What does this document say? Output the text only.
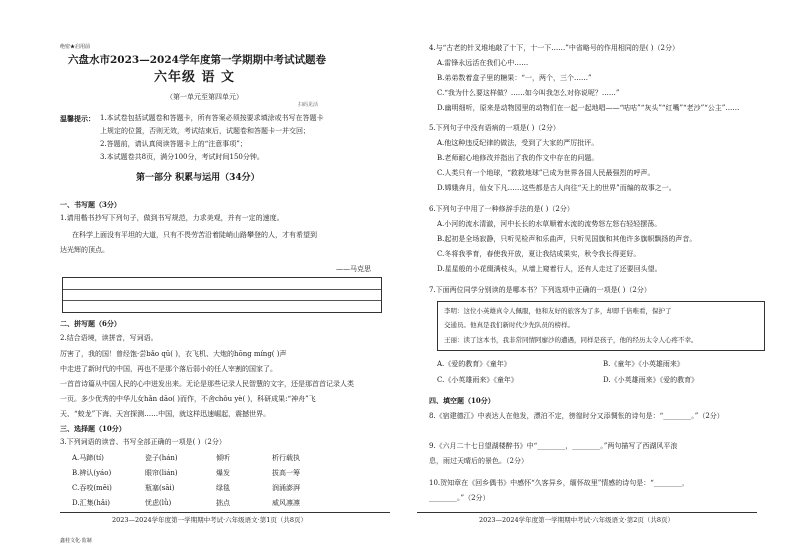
绝密★启用前
六盘水市2023—2024学年度第一学期期中考试试题卷
六年级 语 文
（第一单元至第四单元）
扫码见活
温馨提示： 1.本试卷包括试题卷和答题卡，所有答案必须按要求填涂或书写在答题卡
上规定的位置，否则无效，考试结束后，试题卷和答题卡一并交回；
2.答题前，请认真阅读答题卡上的“注意事项”；
3.本试题卷共8页，满分100分，考试时间150分钟。
第一部分 积累与运用（34分）
一、书写题（3分）
1.请用楷书抄写下列句子，做到书写规范，力求美观，并有一定的速度。
在科学上面没有平坦的大道，只有不畏劳苦沿着陡峭山路攀登的人，才有希望到
达光辉的顶点。
——马克思
二、拼写题（6分）
2.结合语境，读拼音，写词语。
厉害了，我的国！曾经饱·尝bǎo qū( )，衣飞机、大炮的hōng míng( )声
中走进了新时代的中国，再也不是那个落后弱小的任人宰割的国家了。
一首首诗篇从中国人民的心中迸发出来。无论是那些记录人民智慧的文字，还是那首首记录人类
一页。多少优秀的中华儿女hǎn dāo( )而作，不舍chǒu yè( )，科研成果:“神舟”飞
天、“蛟龙”下海、天宫探测……中国，就这样迅速崛起，震撼世界。
三、选择题（10分）
3.下列词语的读音、书写全部正确的一项是( )（2分）
A.马蹄(tí)	瓷子(hán)	倾听	析行载执
B.辨认(yáo)	眼帘(lián)	爆发	拔高一筹
C.吞咬(mēi)	瓶塞(sāi)	绿毯	润涌澎湃
D.汇集(hǎi)	忧虑(lǜ)	拙点	威风凛凛
2023—2024学年度第一学期期中考试·六年级语文·第1页（共8页）
鑫桂文化·监制
4.与“古老的针叉堆地敲了十下，十一下……”中省略号的作用相同的是( )（2分）
A.雷锋永远活在我们心中……
B.弟弟数着盒子里的糖果：“一，两个，三个……”
C.“我为什么要这样做？……如今叫我怎么对你说呢？……”
D.幽明细听，原来是动物园里的动物们在一起一起地唱——“咕咕”“灰头”“红嘴”“老沙”“公主”……
5.下列句子中没有语病的一项是( )（2分）
A.他这种违反纪律的做法，受到了大家的严厉批评。
B.老师耐心地修改并指出了我的作文中存在的问题。
C.人类只有一个地球，“救救地球”已成为世界各国人民最强烈的呼声。
D.嫦娥奔月，仙女下凡……这些都是古人向往“天上的世界”而编的故事之一。
6.下列句子中用了一种修辞手法的是( )（2分）
A.小河的流水清澈，河中长长的水草顺着水流的流势怒左怒右轻轻摆荡。
B.起初是全场寂静，只听见检声和乐曲声，只听见国旗和其他许多旗帜飘扬的声音。
C.冬将我季育，春使我开放，夏让我结成果实，秋令我长得更好。
D.星星般的小花缀满枝头，从墙上窥着行人，还有人走过了还要回头望。
7.下面两位同学分别读的是哪本书？下列选项中正确的一项是( )（2分）
李明：这位小英雄真令人佩服，他和友好的旅客为了多，却即千倍唯看，保护了
交通员。他真是我们新时代少先队员的榜样。
王丽：读了这本书，我非常同情阿廖沙的遭遇，同样是孩子，他的经历太令人心疼不幸。
A.《爱的教育》《童年》	B.《童年》《小英雄雨来》
C.《小英雄雨来》《童年》	D.《小英雄雨来》《爱的教育》
四、填空题（10分）
8.《宿建德江》中表达人在他发，漂泊不定，徬徨时分又添惆怅的诗句是：“________。”（2分）
9.《六月二十七日望湖楼醉书》中“________，________。”两句描写了西湖风平浪
息，雨过天晴后的景色。（2分）
10.贺知章在《回乡偶书》中感怀“久客异乡，缅怀故里”情感的诗句是：“________，
________。”（2分）
2023—2024学年度第一学期期中考试·六年级语文·第2页（共8页）
